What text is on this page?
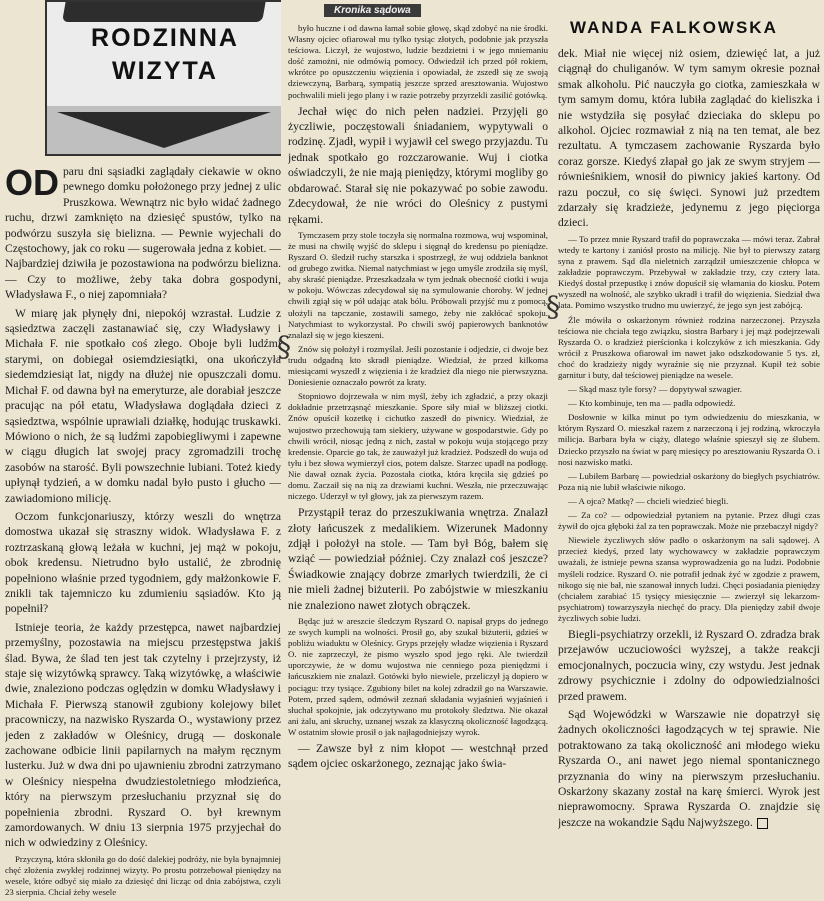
RODZINNA
WIZYTA

OD paru dni sąsiadki zaglądały ciekawie w okno pewnego domku położonego przy jednej z ulic Pruszkowa. Wewnątrz nic było widać żadnego ruchu, drzwi zamknięto na dziesięć spustów, tylko na podwórzu suszyła się bielizna. — Pewnie wyjechali do Częstochowy, jak co roku — sugerowała jedna z kobiet. — Najbardziej dziwiła je pozostawiona na podwórzu bielizna. — Czy to możliwe, żeby taka dobra gospodyni, Władysława F., o niej zapomniała?

W miarę jak płynęły dni, niepokój wzrastał. Ludzie z sąsiedztwa zaczęli zastanawiać się, czy Władysławy i Michała F. nie spotkało coś złego. Oboje byli ludźmi starymi, on dobiegał osiemdziesiątki, ona ukończyła siedemdziesiąt lat, nigdy na dłużej nie opuszczali domu. Michał F. od dawna był na emeryturze, ale dorabiał jeszcze pracując na pół etatu, Władysława doglądała dzieci z sąsiedztwa, wspólnie uprawiali działkę, hodując truskawki. Mówiono o nich, że są ludźmi zapobiegliwymi i zapewne w ciągu długich lat swojej pracy zgromadzili trochę zasobów na starość. Byli powszechnie lubiani. Toteż kiedy upłynął tydzień, a w domku nadal było pusto i głucho — zawiadomiono milicję.

Oczom funkcjonariuszy, którzy weszli do wnętrza domostwa ukazał się straszny widok. Władysława F. z roztrzaskaną głową leżała w kuchni, jej mąż w pokoju, obok kredensu. Nietrudno było ustalić, że zbrodnię popełniono właśnie przed tygodniem, gdy małżonkowie F. znikli tak tajemniczo ku zdumieniu sąsiadów. Kto ją popełnił?

Istnieje teoria, że każdy przestępca, nawet najbardziej przemyślny, pozostawia na miejscu przestępstwa jakiś ślad. Bywa, że ślad ten jest tak czytelny i przejrzysty, iż staje się wizytówką sprawcy. Taką wizytówkę, a właściwie dwie, znaleziono podczas oględzin w domku Władysławy i Michała F. Pierwszą stanowił zgubiony kolejowy bilet pracowniczy, na nazwisko Ryszarda O., wystawiony przez jeden z zakładów w Oleśnicy, drugą — doskonale zachowane odbicie linii papilarnych na małym ręcznym lusterku. Już w dwa dni po ujawnieniu zbrodni zatrzymano w Oleśnicy niespełna dwudziestoletniego młodzieńca, który na pierwszym przesłuchaniu przyznał się do popełnienia zbrodni. Ryszard O. był krewnym zamordowanych. W dniu 13 sierpnia 1975 przyjechał do nich w odwiedziny z Oleśnicy.

Przyczyną, która skłoniła go do dość dalekiej podróży, nie była bynajmniej chęć złożenia zwykłej rodzinnej wizyty. Po prostu potrzebował pieniędzy na wesele, które odbyć się miało za dziesięć dni licząc od dnia zabójstwa, czyli 23 sierpnia. Chciał żeby wesele

Kronika sądowa

było huczne i od dawna łamał sobie głowę, skąd zdobyć na nie środki. Własny ojciec ofiarował mu tylko tysiąc złotych, podobnie jak przyszła teściowa. Liczył, że wujostwo, ludzie bezdzietni i w jego mniemaniu dość zamożni, nie odmówią pomocy. Odwiedził ich przed pół rokiem, wkrótce po opuszczeniu więzienia i opowiadał, że zszedł się ze swoją dziewczyną, Barbarą, sympatią jeszcze sprzed aresztowania. Wujostwo pochwalili mieli jego plany i w razie potrzeby przyrzekli zasilić gotówką.

Jechał więc do nich pełen nadziei. Przyjęli go życzliwie, poczęstowali śniadaniem, wypytywali o rodzinę. Zjadł, wypił i wyjawił cel swego przyjazdu. Tu jednak spotkało go rozczarowanie. Wuj i ciotka oświadczyli, że nie mają pieniędzy, którymi mogliby go obdarować. Starał się nie pokazywać po sobie zawodu. Zdecydował, że nie wróci do Oleśnicy z pustymi rękami.

Tymczasem przy stole toczyła się normalna rozmowa, wuj wspominał, że musi na chwilę wyjść do sklepu i sięgnął do kredensu po pieniądze. Ryszard O. śledził ruchy starszka i spostrzegł, że wuj oddziela banknot od grubego zwitka. Niemal natychmiast w jego umyśle zrodziła się myśl, aby skraść pieniądze. Przeszkadzała w tym jednak obecność ciotki i wuja w pokoju. Wówczas zdecydował się na symulowanie choroby. W jednej chwili zgiął się w pół udając atak bólu. Próbowali przyjść mu z pomocą, ułożyli na tapczanie, zostawili samego, żeby nie zakłócać spokoju. Natychmiast to wykorzystał. Po chwili swój papierowych banknotów znalazł się w jego kieszeni.

Znów się położył i rozmyślał. Jeśli pozostanie i odjedzie, ci dwoje bez trudu odgadną kto skradł pieniądze. Wiedział, że przed kilkoma miesiącami wyszedł z więzienia i że kradzież dla niego nie pierwszyzna. Doniesienie oznaczało powrót za kraty.

Stopniowo dojrzewała w nim myśl, żeby ich zgładzić, a przy okazji dokładnie przetrząsnąć mieszkanie. Spore siły miał w bliższej ciotki. Znów opuścił kozetkę i cichutko zaszedł do piwnicy. Wiedział, że wujostwo przechowują tam siekiery, używane w gospodarstwie. Gdy po chwili wrócił, niosąc jedną z nich, zastał w pokoju wuja stojącego przy kredensie. Oparcie go tak, że zauważył już kradzież. Podszedł do wuja od tyłu i bez słowa wymierzył cios, potem dalsze. Starzec upadł na podłogę. Nie dawał oznak życia. Pozostała ciotka, która kręciła się gdzieś po domu. Zaczaił się na nią za drzwiami kuchni. Weszła, nie przeczuwając niczego. Uderzył w tył głowy, jak za pierwszym razem.

Przystąpił teraz do przeszukiwania wnętrza. Znalazł złoty łańcuszek z medalikiem. Wizerunek Madonny zdjął i położył na stole. — Tam był Bóg, bałem się wziąć — powiedział później. Czy znalazł coś jeszcze? Świadkowie znający dobrze zmarłych twierdzili, że ci nie mieli żadnej biżuterii. Po zabójstwie w mieszkaniu nie znaleziono nawet złotych obrączek.

Będąc już w areszcie śledczym Ryszard O. napisał gryps do jednego ze swych kumpli na wolności. Prosił go, aby szukał biżuterii, gdzieś w pobliżu wiaduktu w Oleśnicy. Gryps przejęły władze więzienia i Ryszard O. nie zaprzeczył, że pismo wyszło spod jego ręki. Ale twierdził uporczywie, że w domu wujostwa nie cenniego poza pieniędzmi i łańcuszkiem nie znalazł. Gotówki było niewiele, przeliczył ją dopiero w pociągu: trzy tysiące. Zgubiony bilet na kolej zdradził go na Warszawie. Potem, przed sądem, odmówił zeznań składania wyjaśnień wyjaśnień i słuchał spokojnie, jak odczytywano mu protokoły śledztwa. Nie okazał ani żalu, ani skruchy, uznanej wszak za klasyczną okoliczność łagodzącą. W ostatnim słowie prosił o jak najłagodniejszy wyrok.

— Zawsze był z nim kłopot — westchnął przed sądem ojciec oskarżonego, zeznając jako świa-

WANDA FALKOWSKA

dek. Miał nie więcej niż osiem, dziewięć lat, a już ciągnął do chuliganów. W tym samym okresie poznał smak alkoholu. Pić nauczyła go ciotka, zamieszkała w tym samym domu, która lubiła zaglądać do kieliszka i nie wstydziła się posyłać dzieciaka do sklepu po alkohol. Ojciec rozmawiał z nią na ten temat, ale bez rezultatu. A tymczasem zachowanie Ryszarda było coraz gorsze. Kiedyś złapał go jak ze swym stryjem — równieśnikiem, wnosił do piwnicy jakieś kartony. Od razu poczuł, co się święci. Synowi już przedtem zdarzały się kradzieże, jedynemu z jego pięciorga dzieci.

— To przez mnie Ryszard trafił do poprawczaka — mówi teraz. Zabrał wtedy te kartony i zaniósł prosto na milicję. Nie był to pierwszy zatarg syna z prawem. Sąd dla nieletnich zarządził umieszczenie chłopca w zakładzie poprawczym. Przebywał w zakładzie trzy, czy cztery lata. Kiedyś dostał przepustkę i znów dopuścił się włamania do kiosku. Potem wyszedł na wolność, ale szybko ukradł i trafił do więzienia. Siedział dwa lata. Pomimo wszystko trudno mu uwierzyć, że jego syn jest zabójcą.

Źle mówiła o oskarżonym również rodzina narzeczonej. Przyszła teściowa nie chciała tego związku, siostra Barbary i jej mąż podejrzewali Ryszarda O. o kradzież pierścionka i kolczyków z ich mieszkania. Gdy wrócił z Pruszkowa ofiarował im nawet jako odszkodowanie 5 tys. zł, choć do kradzieży nigdy wyraźnie się nie przyznał. Kupił też sobie garnitur i buty, dał teściowej pieniądze na wesele.

— Skąd masz tyle forsy? — dopytywał szwagier.

— Kto kombinuje, ten ma — padła odpowiedź.

Dosłownie w kilka minut po tym odwiedzeniu do mieszkania, w którym Ryszard O. mieszkał razem z narzeczoną i jej rodziną, wkroczyła milicja. Barbara była w ciąży, dlatego właśnie spieszył się ze ślubem. Dziecko przyszło na świat w parę miesięcy po aresztowaniu Ryszarda O. i nosi nazwisko matki.

— Lubiłem Barbarę — powiedział oskarżony do biegłych psychiatrów. Poza nią nie lubił właściwie nikogo.

— A ojca? Matkę? — chcieli wiedzieć biegli.

— Za co? — odpowiedział pytaniem na pytanie. Przez długi czas żywił do ojca głęboki żal za ten poprawczak. Może nie przebaczył nigdy?

Niewiele życzliwych słów padło o oskarżonym na sali sądowej. A przecież kiedyś, przed laty wychowawcy w zakładzie poprawczym uważali, że istnieje pewna szansa wyprowadzenia go na ludzi. Podobnie myśleli rodzice. Ryszard O. nie potrafił jednak żyć w zgodzie z prawem, nikogo się nie bał, nie szanował innych ludzi. Chęci posiadania pieniędzy (chciałem zarabiać 15 tysięcy miesięcznie — zwierzył się lekarzom-psychiatrom) towarzyszyła niechęć do pracy. Dla pieniędzy zabił dwoje życzliwych sobie ludzi.

Biegli-psychiatrzy orzekli, iż Ryszard O. zdradza brak przejawów uczuciowości wyższej, a także reakcji emocjonalnych, poczucia winy, czy wstydu. Jest jednak zdrowy psychicznie i zdolny do odpowiedzialności przed prawem.

Sąd Wojewódzki w Warszawie nie dopatrzył się żadnych okoliczności łagodzących w tej sprawie. Nie potraktowano za taką okoliczność ani młodego wieku Ryszarda O., ani nawet jego niemal spontanicznego przyznania do winy na pierwszym przesłuchaniu. Oskarżony skazany został na karę śmierci. Wyrok jest nieprawomocny. Sprawa Ryszarda O. znajdzie się jeszcze na wokandzie Sądu Najwyższego.

§
§
